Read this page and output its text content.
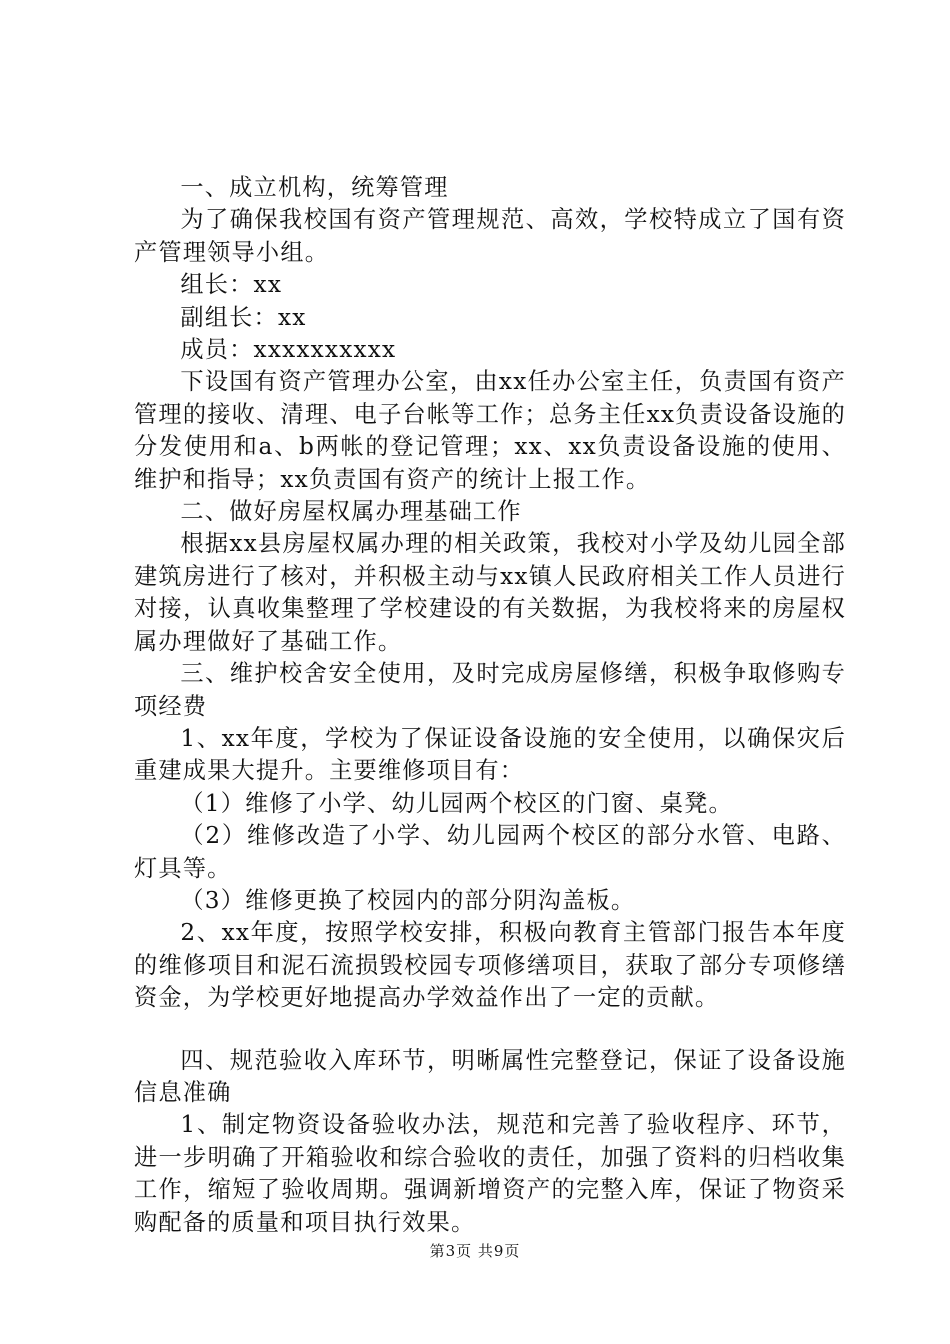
一、成立机构，统筹管理

为了确保我校国有资产管理规范、高效，学校特成立了国有资产管理领导小组。

组长：xx

副组长：xx

成员：xxxxxxxxxx

下设国有资产管理办公室，由xx任办公室主任，负责国有资产管理的接收、清理、电子台帐等工作；总务主任xx负责设备设施的分发使用和a、b两帐的登记管理；xx、xx负责设备设施的使用、维护和指导；xx负责国有资产的统计上报工作。

二、做好房屋权属办理基础工作

根据xx县房屋权属办理的相关政策，我校对小学及幼儿园全部建筑房进行了核对，并积极主动与xx镇人民政府相关工作人员进行对接，认真收集整理了学校建设的有关数据，为我校将来的房屋权属办理做好了基础工作。

三、维护校舍安全使用，及时完成房屋修缮，积极争取修购专项经费

1、xx年度，学校为了保证设备设施的安全使用，以确保灾后重建成果大提升。主要维修项目有：

（1）维修了小学、幼儿园两个校区的门窗、桌凳。

（2）维修改造了小学、幼儿园两个校区的部分水管、电路、灯具等。

（3）维修更换了校园内的部分阴沟盖板。

2、xx年度，按照学校安排，积极向教育主管部门报告本年度的维修项目和泥石流损毁校园专项修缮项目，获取了部分专项修缮资金，为学校更好地提高办学效益作出了一定的贡献。

四、规范验收入库环节，明晰属性完整登记，保证了设备设施信息准确

1、制定物资设备验收办法，规范和完善了验收程序、环节，进一步明确了开箱验收和综合验收的责任，加强了资料的归档收集工作，缩短了验收周期。强调新增资产的完整入库，保证了物资采购配备的质量和项目执行效果。

第3页 共9页
